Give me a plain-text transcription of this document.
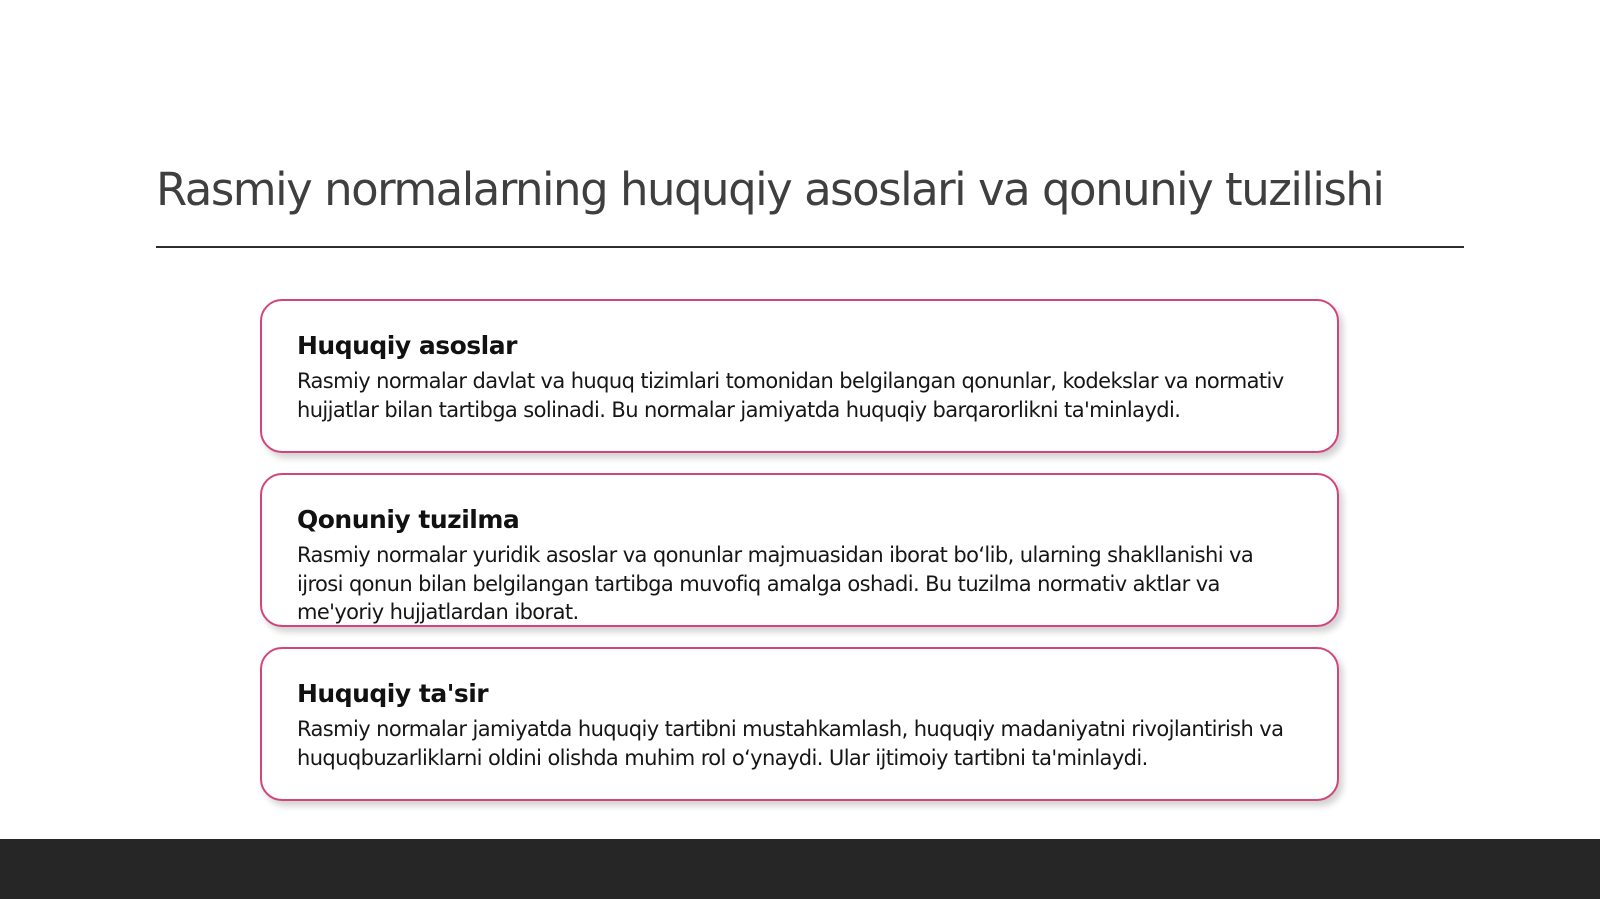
Rasmiy normalarning huquqiy asoslari va qonuniy tuzilishi
Huquqiy asoslar

Rasmiy normalar davlat va huquq tizimlari tomonidan belgilangan qonunlar, kodekslar va normativ hujjatlar bilan tartibga solinadi. Bu normalar jamiyatda huquqiy barqarorlikni ta'minlaydi.

Qonuniy tuzilma

Rasmiy normalar yuridik asoslar va qonunlar majmuasidan iborat bo‘lib, ularning shakllanishi va ijrosi qonun bilan belgilangan tartibga muvofiq amalga oshadi. Bu tuzilma normativ aktlar va me'yoriy hujjatlardan iborat.

Huquqiy ta'sir

Rasmiy normalar jamiyatda huquqiy tartibni mustahkamlash, huquqiy madaniyatni rivojlantirish va huquqbuzarliklarni oldini olishda muhim rol o‘ynaydi. Ular ijtimoiy tartibni ta'minlaydi.
